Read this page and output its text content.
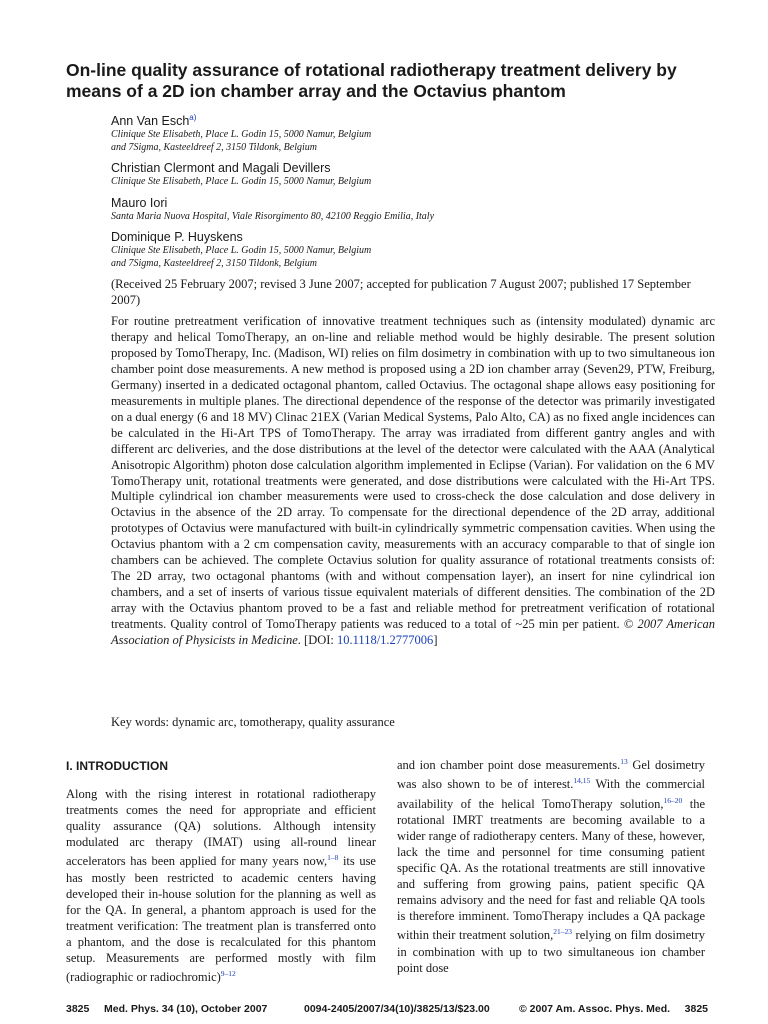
On-line quality assurance of rotational radiotherapy treatment delivery by means of a 2D ion chamber array and the Octavius phantom
Ann Van Esch$^{a)}$
Clinique Ste Elisabeth, Place L. Godin 15, 5000 Namur, Belgium
and 7Sigma, Kasteeldreef 2, 3150 Tildonk, Belgium
Christian Clermont and Magali Devillers
Clinique Ste Elisabeth, Place L. Godin 15, 5000 Namur, Belgium
Mauro Iori
Santa Maria Nuova Hospital, Viale Risorgimento 80, 42100 Reggio Emilia, Italy
Dominique P. Huyskens
Clinique Ste Elisabeth, Place L. Godin 15, 5000 Namur, Belgium
and 7Sigma, Kasteeldreef 2, 3150 Tildonk, Belgium

(Received 25 February 2007; revised 3 June 2007; accepted for publication 7 August 2007; published 17 September 2007)

For routine pretreatment verification of innovative treatment techniques such as (intensity modulated) dynamic arc therapy and helical TomoTherapy, an on-line and reliable method would be highly desirable. The present solution proposed by TomoTherapy, Inc. (Madison, WI) relies on film dosimetry in combination with up to two simultaneous ion chamber point dose measurements. A new method is proposed using a 2D ion chamber array (Seven29, PTW, Freiburg, Germany) inserted in a dedicated octagonal phantom, called Octavius. The octagonal shape allows easy positioning for measurements in multiple planes. The directional dependence of the response of the detector was primarily investigated on a dual energy (6 and 18 MV) Clinac 21EX (Varian Medical Systems, Palo Alto, CA) as no fixed angle incidences can be calculated in the Hi-Art TPS of TomoTherapy. The array was irradiated from different gantry angles and with different arc deliveries, and the dose distributions at the level of the detector were calculated with the AAA (Analytical Anisotropic Algorithm) photon dose calculation algorithm implemented in Eclipse (Varian). For validation on the 6 MV TomoTherapy unit, rotational treatments were generated, and dose distributions were calculated with the Hi-Art TPS. Multiple cylindrical ion chamber measurements were used to cross-check the dose calculation and dose delivery in Octavius in the absence of the 2D array. To compensate for the directional dependence of the 2D array, additional prototypes of Octavius were manufactured with built-in cylindrically symmetric compensation cavities. When using the Octavius phantom with a 2 cm compensation cavity, measurements with an accuracy comparable to that of single ion chambers can be achieved. The complete Octavius solution for quality assurance of rotational treatments consists of: The 2D array, two octagonal phantoms (with and without compensation layer), an insert for nine cylindrical ion chambers, and a set of inserts of various tissue equivalent materials of different densities. The combination of the 2D array with the Octavius phantom proved to be a fast and reliable method for pretreatment verification of rotational treatments. Quality control of TomoTherapy patients was reduced to a total of ~25 min per patient. © 2007 American Association of Physicists in Medicine. [DOI: 10.1118/1.2777006]

Key words: dynamic arc, tomotherapy, quality assurance

I. INTRODUCTION

Along with the rising interest in rotational radiotherapy treatments comes the need for appropriate and efficient quality assurance (QA) solutions. Although intensity modulated arc therapy (IMAT) using all-round linear accelerators has been applied for many years now,$^{1-8}$ its use has mostly been restricted to academic centers having developed their in-house solution for the planning as well as for the QA. In general, a phantom approach is used for the treatment verification: The treatment plan is transferred onto a phantom, and the dose is recalculated for this phantom setup. Measurements are performed mostly with film (radiographic or radiochromic)$^{9-12}$

and ion chamber point dose measurements.$^{13}$ Gel dosimetry was also shown to be of interest.$^{14,15}$ With the commercial availability of the helical TomoTherapy solution,$^{16-20}$ the rotational IMRT treatments are becoming available to a wider range of radiotherapy centers. Many of these, however, lack the time and personnel for time consuming patient specific QA. As the rotational treatments are still innovative and suffering from growing pains, patient specific QA remains advisory and the need for fast and reliable QA tools is therefore imminent. TomoTherapy includes a QA package within their treatment solution,$^{21-23}$ relying on film dosimetry in combination with up to two simultaneous ion chamber point dose

3825 Med. Phys. 34 (10), October 2007	0094-2405/2007/34(10)/3825/13/$23.00	© 2007 Am. Assoc. Phys. Med. 3825
